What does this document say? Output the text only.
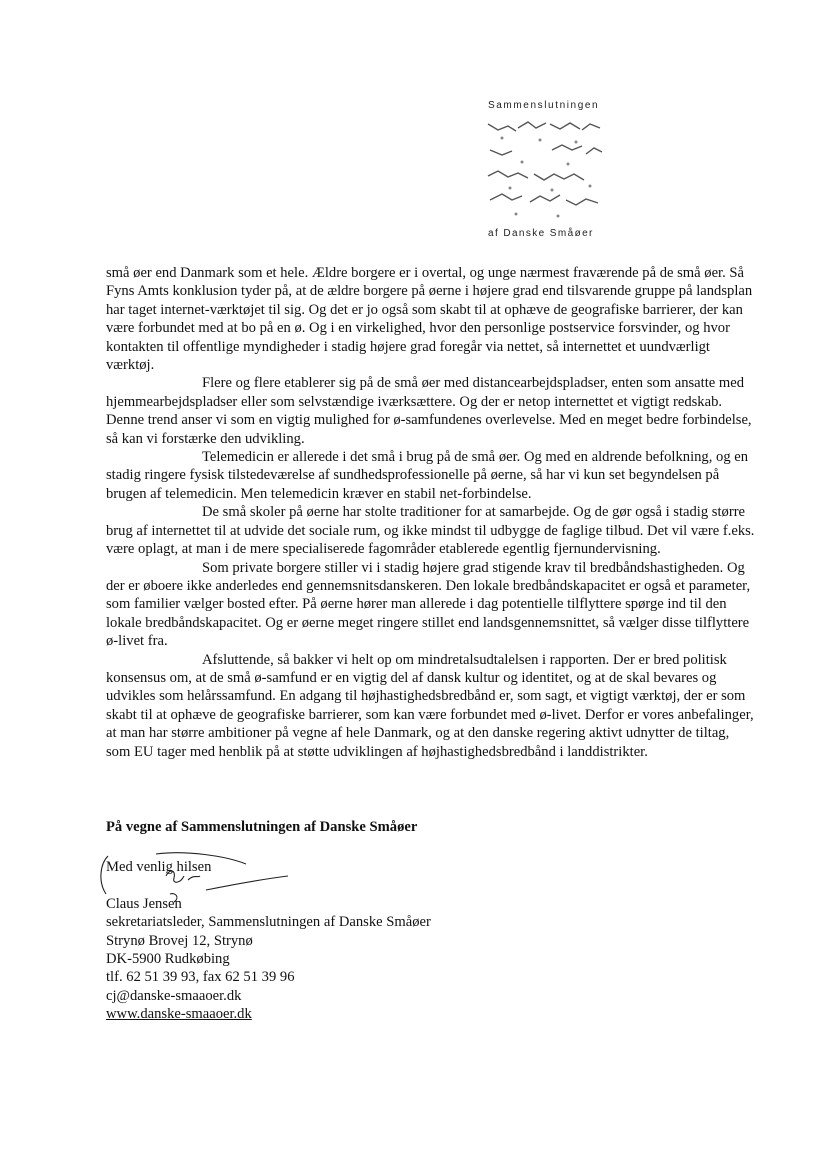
Sammenslutningen
af Danske Småøer

små øer end Danmark som et hele. Ældre borgere er i overtal, og unge nærmest fraværende på de små øer. Så Fyns Amts konklusion tyder på, at de ældre borgere på øerne i højere grad end tilsvarende gruppe på landsplan har taget internet-værktøjet til sig. Og det er jo også som skabt til at ophæve de geografiske barrierer, der kan være forbundet med at bo på en ø. Og i en virkelighed, hvor den personlige postservice forsvinder, og hvor kontakten til offentlige myndigheder i stadig højere grad foregår via nettet, så internettet et uundværligt værktøj.

Flere og flere etablerer sig på de små øer med distancearbejdspladser, enten som ansatte med hjemmearbejdspladser eller som selvstændige iværksættere. Og der er netop internettet et vigtigt redskab. Denne trend anser vi som en vigtig mulighed for ø-samfundenes overlevelse. Med en meget bedre forbindelse, så kan vi forstærke den udvikling.

Telemedicin er allerede i det små i brug på de små øer. Og med en aldrende befolkning, og en stadig ringere fysisk tilstedeværelse af sundhedsprofessionelle på øerne, så har vi kun set begyndelsen på brugen af telemedicin. Men telemedicin kræver en stabil net-forbindelse.

De små skoler på øerne har stolte traditioner for at samarbejde. Og de gør også i stadig større brug af internettet til at udvide det sociale rum, og ikke mindst til udbygge de faglige tilbud. Det vil være f.eks. være oplagt, at man i de mere specialiserede fagområder etablerede egentlig fjernundervisning.

Som private borgere stiller vi i stadig højere grad stigende krav til bredbåndshastigheden. Og der er øboere ikke anderledes end gennemsnitsdanskeren. Den lokale bredbåndskapacitet er også et parameter, som familier vælger bosted efter. På øerne hører man allerede i dag potentielle tilflyttere spørge ind til den lokale bredbåndskapacitet. Og er øerne meget ringere stillet end landsgennemsnittet, så vælger disse tilflyttere ø-livet fra.

Afsluttende, så bakker vi helt op om mindretalsudtalelsen i rapporten. Der er bred politisk konsensus om, at de små ø-samfund er en vigtig del af dansk kultur og identitet, og at de skal bevares og udvikles som helårssamfund. En adgang til højhastighedsbredbånd er, som sagt, et vigtigt værktøj, der er som skabt til at ophæve de geografiske barrierer, som kan være forbundet med ø-livet. Derfor er vores anbefalinger, at man har større ambitioner på vegne af hele Danmark, og at den danske regering aktivt udnytter de tiltag, som EU tager med henblik på at støtte udviklingen af højhastighedsbredbånd i landdistrikter.

På vegne af Sammenslutningen af Danske Småøer
Med venlig hilsen
Claus Jensen
sekretariatsleder, Sammenslutningen af Danske Småøer
Strynø Brovej 12, Strynø
DK-5900 Rudkøbing
tlf. 62 51 39 93, fax 62 51 39 96
cj@danske-smaaoer.dk
www.danske-smaaoer.dk
